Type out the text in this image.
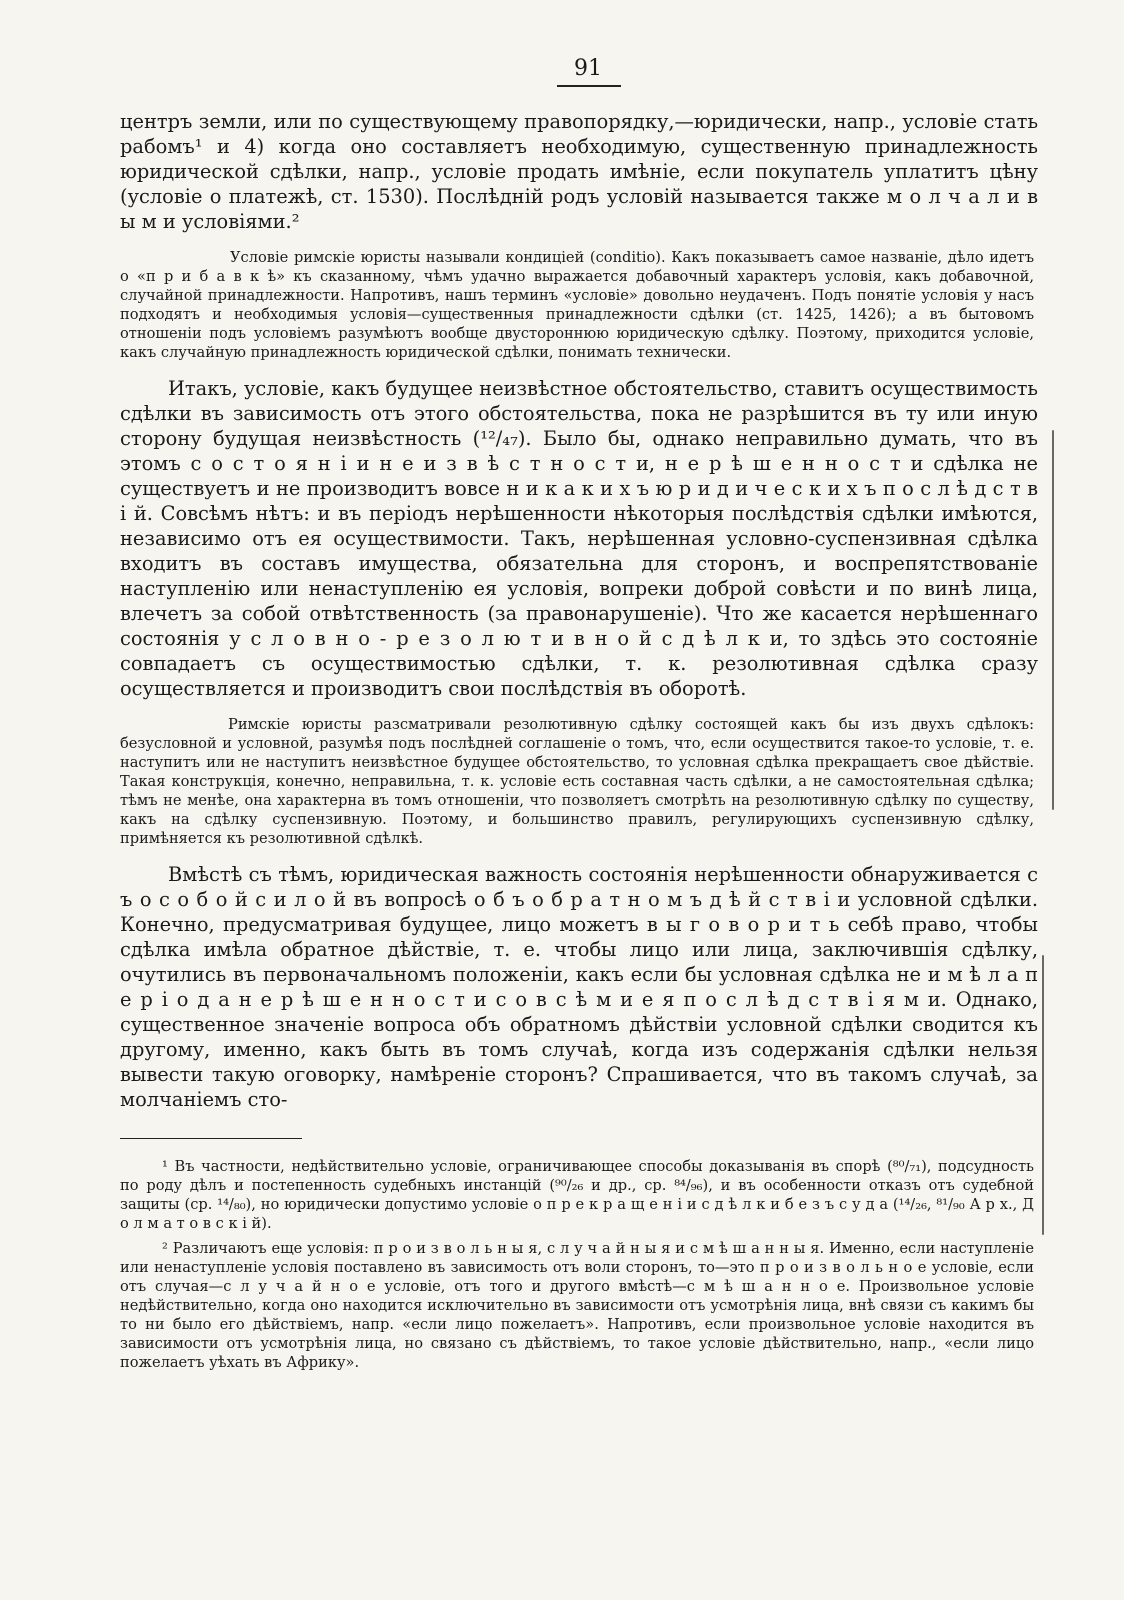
91

центръ земли, или по существующему правопорядку,—юридически, напр., условіе стать рабомъ¹ и 4) когда оно составляетъ необходимую, существенную принадлежность юридической сдѣлки, напр., условіе продать имѣніе, если покупатель уплатитъ цѣну (условіе о платежѣ, ст. 1530). Послѣдній родъ условій называется также м о л ч а л и в ы м и условіями.²

Условіе римскіе юристы называли кондиціей (conditio). Какъ показываетъ самое названіе, дѣло идетъ о «п р и б а в к ѣ» къ сказанному, чѣмъ удачно выражается добавочный характеръ условія, какъ добавочной, случайной принадлежности. Напротивъ, нашъ терминъ «условіе» довольно неудаченъ. Подъ понятіе условія у насъ подходятъ и необходимыя условія—существенныя принадлежности сдѣлки (ст. 1425, 1426); а въ бытовомъ отношеніи подъ условіемъ разумѣютъ вообще двустороннюю юридическую сдѣлку. Поэтому, приходится условіе, какъ случайную принадлежность юридической сдѣлки, понимать технически.

Итакъ, условіе, какъ будущее неизвѣстное обстоятельство, ставитъ осуществимость сдѣлки въ зависимость отъ этого обстоятельства, пока не разрѣшится въ ту или иную сторону будущая неизвѣстность (¹²/₄₇). Было бы, однако неправильно думать, что въ этомъ с о с т о я н і и н е и з в ѣ с т н о с т и, н е р ѣ ш е н н о с т и сдѣлка не существуетъ и не производитъ вовсе н и к а к и х ъ ю р и д и ч е с к и х ъ п о с л ѣ д с т в і й. Совсѣмъ нѣтъ: и въ періодъ нерѣшенности нѣкоторыя послѣдствія сдѣлки имѣются, независимо отъ ея осуществимости. Такъ, нерѣшенная условно-суспензивная сдѣлка входитъ въ составъ имущества, обязательна для сторонъ, и воспрепятствованіе наступленію или ненаступленію ея условія, вопреки доброй совѣсти и по винѣ лица, влечетъ за собой отвѣтственность (за правонарушеніе). Что же касается нерѣшеннаго состоянія у с л о в н о - р е з о л ю т и в н о й с д ѣ л к и, то здѣсь это состояніе совпадаетъ съ осуществимостью сдѣлки, т. к. резолютивная сдѣлка сразу осуществляется и производитъ свои послѣдствія въ оборотѣ.

Римскіе юристы разсматривали резолютивную сдѣлку состоящей какъ бы изъ двухъ сдѣлокъ: безусловной и условной, разумѣя подъ послѣдней соглашеніе о томъ, что, если осуществится такое-то условіе, т. е. наступитъ или не наступитъ неизвѣстное будущее обстоятельство, то условная сдѣлка прекращаетъ свое дѣйствіе. Такая конструкція, конечно, неправильна, т. к. условіе есть составная часть сдѣлки, а не самостоятельная сдѣлка; тѣмъ не менѣе, она характерна въ томъ отношеніи, что позволяетъ смотрѣть на резолютивную сдѣлку по существу, какъ на сдѣлку суспензивную. Поэтому, и большинство правилъ, регулирующихъ суспензивную сдѣлку, примѣняется къ резолютивной сдѣлкѣ.

Вмѣстѣ съ тѣмъ, юридическая важность состоянія нерѣшенности обнаруживается с ъ о с о б о й с и л о й въ вопросѣ о б ъ о б р а т н о м ъ д ѣ й с т в і и условной сдѣлки. Конечно, предусматривая будущее, лицо можетъ в ы г о в о р и т ь себѣ право, чтобы сдѣлка имѣла обратное дѣйствіе, т. е. чтобы лицо или лица, заключившія сдѣлку, очутились въ первоначальномъ положеніи, какъ если бы условная сдѣлка не и м ѣ л а п е р і о д а н е р ѣ ш е н н о с т и с о в с ѣ м и е я п о с л ѣ д с т в і я м и. Однако, существенное значеніе вопроса объ обратномъ дѣйствіи условной сдѣлки сводится къ другому, именно, какъ быть въ томъ случаѣ, когда изъ содержанія сдѣлки нельзя вывести такую оговорку, намѣреніе сторонъ? Спрашивается, что въ такомъ случаѣ, за молчаніемъ сто-

¹ Въ частности, недѣйствительно условіе, ограничивающее способы доказыванія въ спорѣ (⁸⁰/₇₁), подсудность по роду дѣлъ и постепенность судебныхъ инстанцій (⁹⁰/₂₆ и др., ср. ⁸⁴/₉₆), и въ особенности отказъ отъ судебной защиты (ср. ¹⁴/₈₀), но юридически допустимо условіе о п р е к р а щ е н і и с д ѣ л к и б е з ъ с у д а (¹⁴/₂₆, ⁸¹/₉₀ А р х., Д о л м а т о в с к і й).

² Различаютъ еще условія: п р о и з в о л ь н ы я, с л у ч а й н ы я и с м ѣ ш а н н ы я. Именно, если наступленіе или ненаступленіе условія поставлено въ зависимость отъ воли сторонъ, то—это п р о и з в о л ь н о е условіе, если отъ случая—с л у ч а й н о е условіе, отъ того и другого вмѣстѣ—с м ѣ ш а н н о е. Произвольное условіе недѣйствительно, когда оно находится исключительно въ зависимости отъ усмотрѣнія лица, внѣ связи съ какимъ бы то ни было его дѣйствіемъ, напр. «если лицо пожелаетъ». Напротивъ, если произвольное условіе находится въ зависимости отъ усмотрѣнія лица, но связано съ дѣйствіемъ, то такое условіе дѣйствительно, напр., «если лицо пожелаетъ уѣхать въ Африку».
